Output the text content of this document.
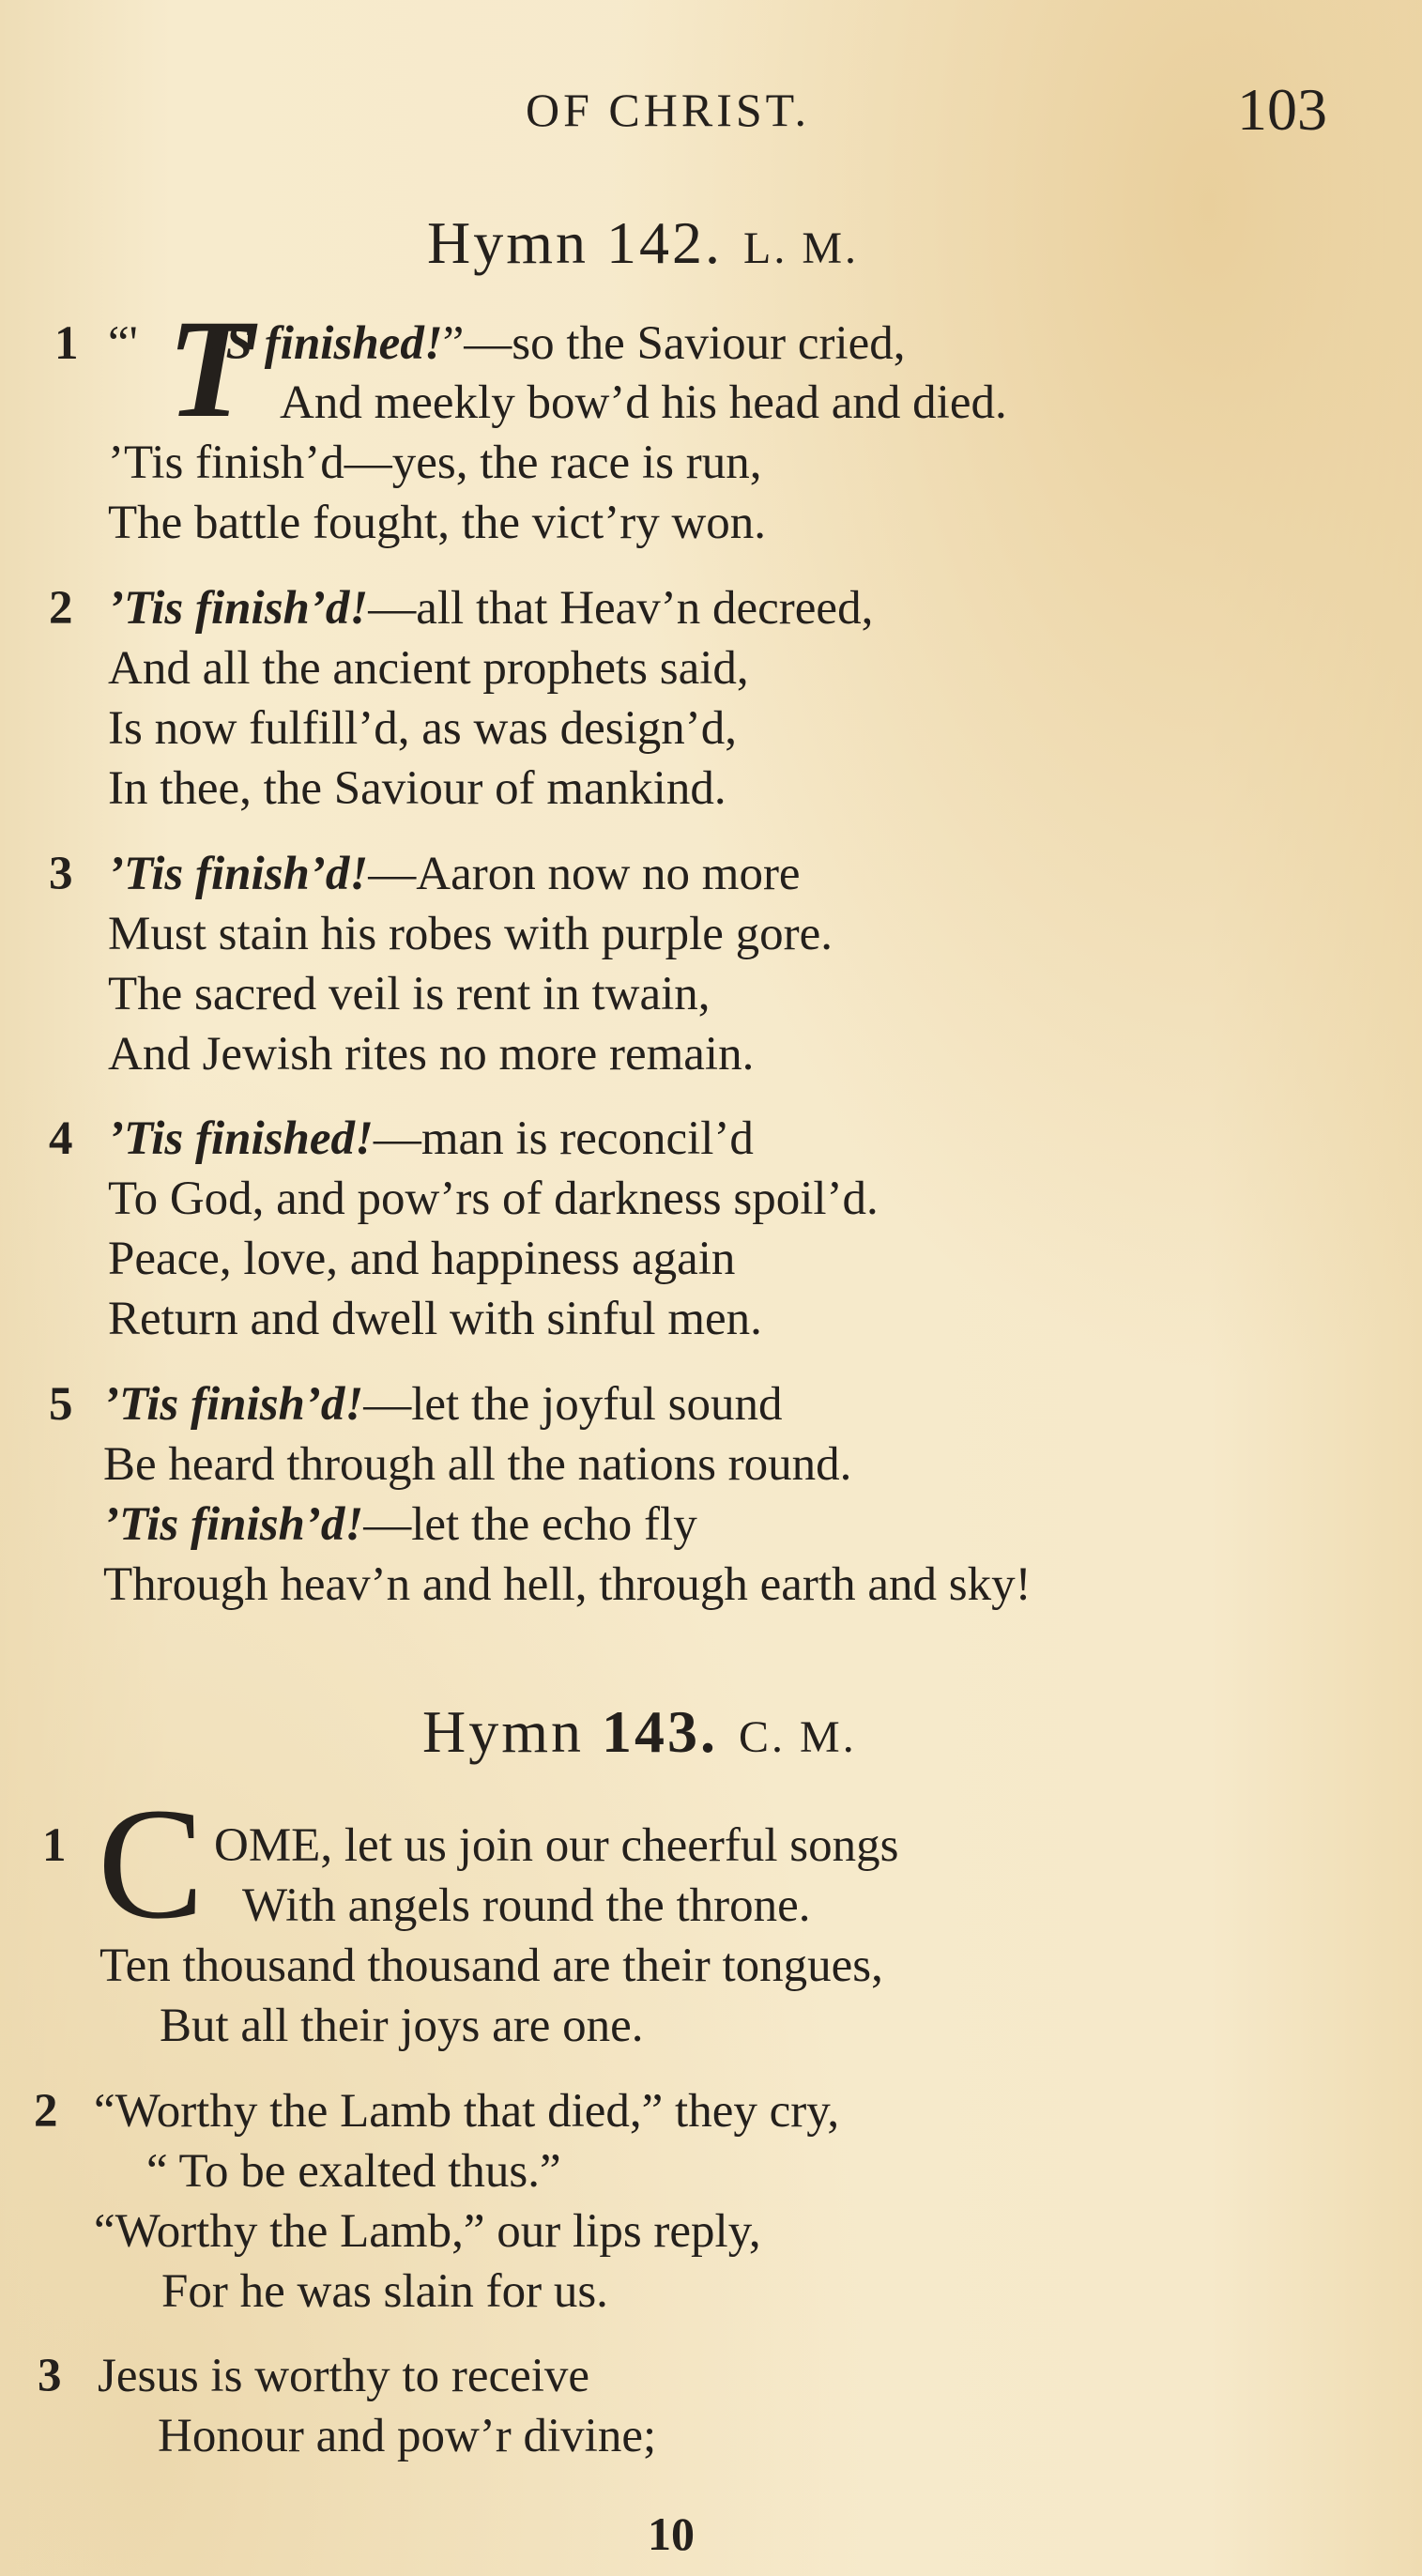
OF CHRIST.	103
Hymn 142. L. M.
T
1 “' IS finished!”—so the Saviour cried,
And meekly bow’d his head and died.
’Tis finish’d—yes, the race is run,
The battle fought, the vict’ry won.
2 ’Tis finish’d!—all that Heav’n decreed,
And all the ancient prophets said,
Is now fulfill’d, as was design’d,
In thee, the Saviour of mankind.
3 ’Tis finish’d!—Aaron now no more
Must stain his robes with purple gore.
The sacred veil is rent in twain,
And Jewish rites no more remain.
4 ’Tis finished!—man is reconcil’d
To God, and pow’rs of darkness spoil’d.
Peace, love, and happiness again
Return and dwell with sinful men.
5 ’Tis finish’d!—let the joyful sound
Be heard through all the nations round.
’Tis finish’d!—let the echo fly
Through heav’n and hell, through earth and sky!
Hymn 143. C. M.
C
1	OME, let us join our cheerful songs
With angels round the throne.
Ten thousand thousand are their tongues,
But all their joys are one.
2 “Worthy the Lamb that died,” they cry,
“ To be exalted thus.”
“Worthy the Lamb,” our lips reply,
For he was slain for us.
3 Jesus is worthy to receive
Honour and pow’r divine;
10
